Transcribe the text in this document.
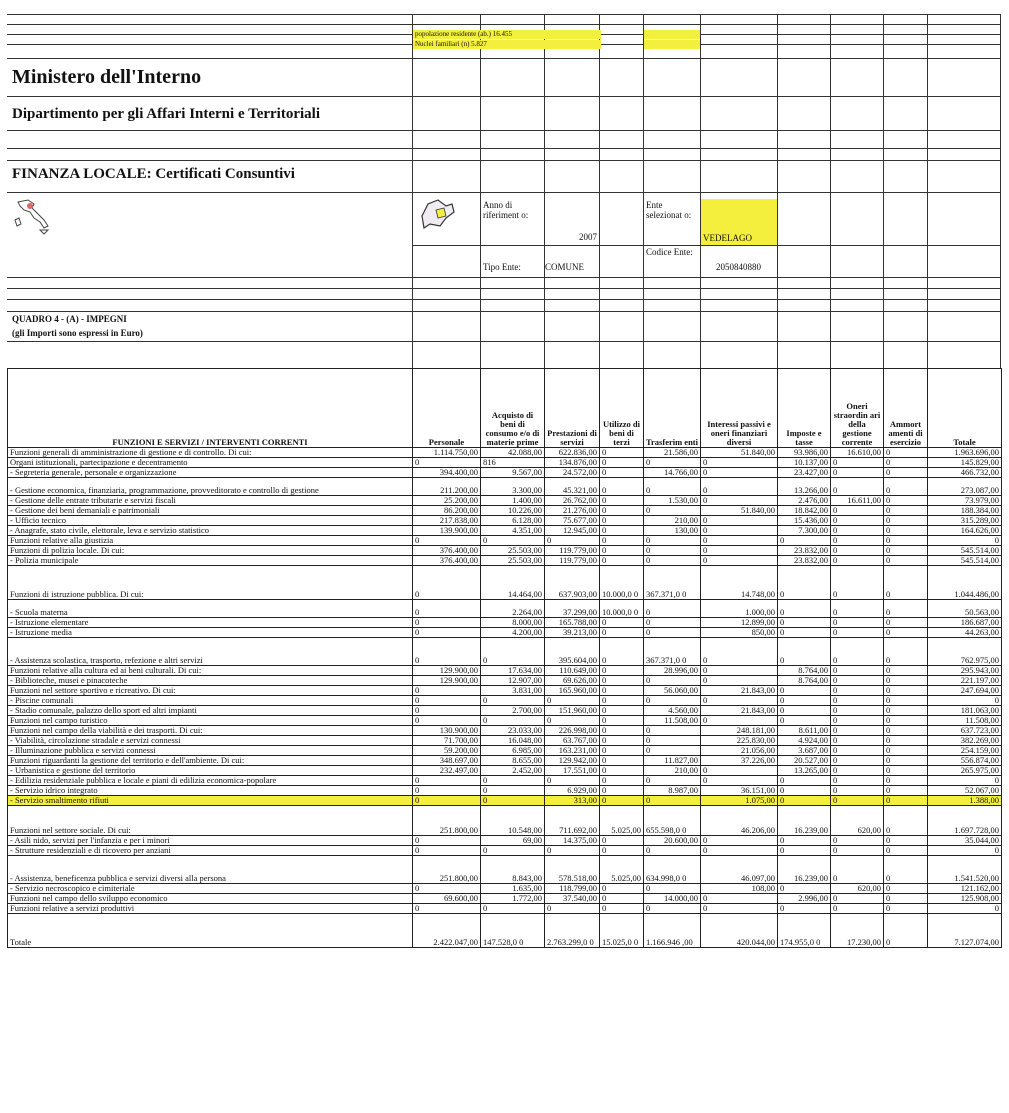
popolazione residente (ab.) 16.455
Nuclei familiari (n) 5.827
Ministero dell'Interno
Dipartimento per gli Affari Interni e Territoriali
FINANZA LOCALE: Certificati Consuntivi
Anno di riferiment o:
2007
Ente selezionat o:
VEDELAGO
Tipo Ente:	COMUNE
Codice Ente:
2050840880
QUADRO 4 - (A) - IMPEGNI
(gli Importi sono espressi in Euro)
FUNZIONI E SERVIZI / INTERVENTI CORRENTI	Personale	Acquisto di beni di consumo e/o di materie prime	Prestazioni di servizi	Utilizzo di beni di terzi	Trasferim enti	Interessi passivi e oneri finanziari diversi	Imposte e tasse	Oneri straordin ari della gestione corrente	Ammort amenti di esercizio	Totale
Funzioni generali di amministrazione di gestione e di controllo. Di cui:	1.114.750,00	42.088,00	622.836,00	0	21.586,00	51.840,00	93.986,00	16.610,00	0	1.963.696,00
Organi istituzionali, partecipazione e decentramento	0	816	134.876,00	0	0	0	10.137,00	0	0	145.829,00
- Segreteria generale, personale e organizzazione	394.400,00	9.567,00	24.572,00	0	14.766,00	0	23.427,00	0	0	466.732,00
- Gestione economica, finanziaria, programmazione, provveditorato e controllo di gestione	211.200,00	3.300,00	45.321,00	0	0	0	13.266,00	0	0	273.087,00
- Gestione delle entrate tributarie e servizi fiscali	25.200,00	1.400,00	26.762,00	0	1.530,00	0	2.476,00	16.611,00	0	73.979,00
- Gestione dei beni demaniali e patrimoniali	86.200,00	10.226,00	21.276,00	0	0	51.840,00	18.842,00	0	0	188.384,00
- Ufficio tecnico	217.838,00	6.128,00	75.677,00	0	210,00	0	15.436,00	0	0	315.289,00
- Anagrafe, stato civile, elettorale, leva e servizio statistico	139.900,00	4.351,00	12.945,00	0	130,00	0	7.300,00	0	0	164.626,00
Funzioni relative alla giustizia	0	0	0	0	0	0	0	0	0	0
Funzioni di polizia locale. Di cui:	376.400,00	25.503,00	119.779,00	0	0	0	23.832,00	0	0	545.514,00
- Polizia municipale	376.400,00	25.503,00	119.779,00	0	0	0	23.832,00	0	0	545.514,00
Funzioni di istruzione pubblica. Di cui:	0	14.464,00	637.903,00	10.000,0 0	367.371,0 0	14.748,00	0	0	0	1.044.486,00
- Scuola materna	0	2.264,00	37.299,00	10.000,0 0	0	1.000,00	0	0	0	50.563,00
- Istruzione elementare	0	8.000,00	165.788,00	0	0	12.899,00	0	0	0	186.687,00
- Istruzione media	0	4.200,00	39.213,00	0	0	850,00	0	0	0	44.263,00
- Assistenza scolastica, trasporto, refezione e altri servizi	0	0	395.604,00	0	367.371,0 0	0	0	0	0	762.975,00
Funzioni relative alla cultura ed ai beni culturali. Di cui:	129.900,00	17.634,00	110.649,00	0	28.996,00	0	8.764,00	0	0	295.943,00
- Biblioteche, musei e pinacoteche	129.900,00	12.907,00	69.626,00	0	0	0	8.764,00	0	0	221.197,00
Funzioni nel settore sportivo e ricreativo. Di cui:	0	3.831,00	165.960,00	0	56.060,00	21.843,00	0	0	0	247.694,00
- Piscine comunali	0	0	0	0	0	0	0	0	0	0
- Stadio comunale, palazzo dello sport ed altri impianti	0	2.700,00	151.960,00	0	4.560,00	21.843,00	0	0	0	181.063,00
Funzioni nel campo turistico	0	0	0	0	11.508,00	0	0	0	0	11.508,00
Funzioni nel campo della viabilità e dei trasporti. Di cui:	130.900,00	23.033,00	226.998,00	0	0	248.181,00	8.611,00	0	0	637.723,00
- Viabilità, circolazione stradale e servizi connessi	71.700,00	16.048,00	63.767,00	0	0	225.830,00	4.924,00	0	0	382.269,00
- Illuminazione pubblica e servizi connessi	59.200,00	6.985,00	163.231,00	0	0	21.056,00	3.687,00	0	0	254.159,00
Funzioni riguardanti la gestione del territorio e dell'ambiente. Di cui:	348.697,00	8.655,00	129.942,00	0	11.827,00	37.226,00	20.527,00	0	0	556.874,00
- Urbanistica e gestione del territorio	232.497,00	2.452,00	17.551,00	0	210,00	0	13.265,00	0	0	265.975,00
- Edilizia residenziale pubblica e locale e piani di edilizia economica-popolare	0	0	0	0	0	0	0	0	0	0
- Servizio idrico integrato	0	0	6.929,00	0	8.987,00	36.151,00	0	0	0	52.067,00
- Servizio smaltimento rifiuti	0	0	313,00	0	0	1.075,00	0	0	0	1.388,00
Funzioni nel settore sociale. Di cui:	251.800,00	10.548,00	711.692,00	5.025,00	655.598,0 0	46.206,00	16.239,00	620,00	0	1.697.728,00
- Asili nido, servizi per l'infanzia e per i minori	0	69,00	14.375,00	0	20.600,00	0	0	0	0	35.044,00
- Strutture residenziali e di ricovero per anziani	0	0	0	0	0	0	0	0	0	0
- Assistenza, beneficenza pubblica e servizi diversi alla persona	251.800,00	8.843,00	578.518,00	5.025,00	634.998,0 0	46.097,00	16.239,00	0	0	1.541.520,00
- Servizio necroscopico e cimiteriale	0	1.635,00	118.799,00	0	0	108,00	0	620,00	0	121.162,00
Funzioni nel campo dello sviluppo economico	69.600,00	1.772,00	37.540,00	0	14.000,00	0	2.996,00	0	0	125.908,00
Funzioni relative a servizi produttivi	0	0	0	0	0	0	0	0	0	0
Totale	2.422.047,00	147.528,0 0	2.763.299,0 0	15.025,0 0	1.166.946 ,00	420.044,00	174.955,0 0	17.230,00	0	7.127.074,00
